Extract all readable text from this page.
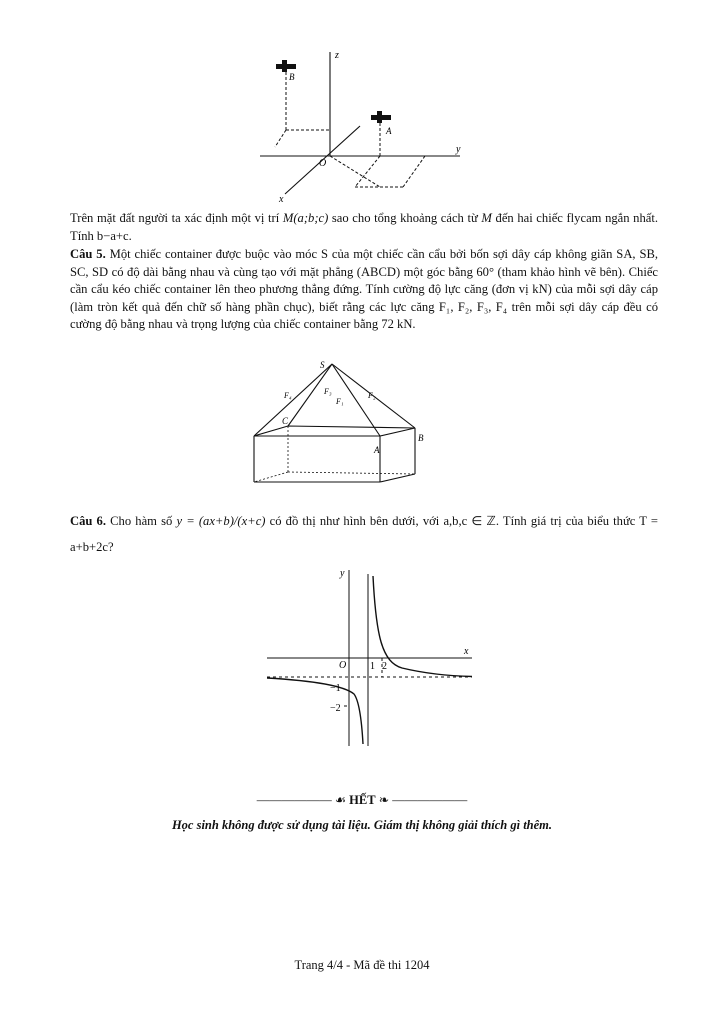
z
y
x
O
A
B
Trên mặt đất người ta xác định một vị trí M(a;b;c) sao cho tổng khoảng cách từ M đến hai chiếc flycam ngắn nhất. Tính b−a+c.
Câu 5. Một chiếc container được buộc vào móc S của một chiếc cần cẩu bởi bốn sợi dây cáp không giãn SA, SB, SC, SD có độ dài bằng nhau và cùng tạo với mặt phẳng (ABCD) một góc bằng 60° (tham khảo hình vẽ bên). Chiếc cần cẩu kéo chiếc container lên theo phương thẳng đứng. Tính cường độ lực căng (đơn vị kN) của mỗi sợi dây cáp (làm tròn kết quả đến chữ số hàng phần chục), biết rằng các lực căng F₁, F₂, F₃, F₄ trên mỗi sợi dây cáp đều có cường độ bằng nhau và trọng lượng của chiếc container bằng 72 kN.
S
C
B
A
F₄	F₃
F₁
F₂
Câu 6. Cho hàm số y = (ax+b)/(x+c) có đồ thị như hình bên dưới, với a,b,c ∈ ℤ. Tính giá trị của biểu thức T = a+b+2c?
y
x
O 1 2
−1
−2
—————— ☙ HẾT ❧ ——————
Học sinh không được sử dụng tài liệu. Giám thị không giải thích gì thêm.
Trang 4/4 - Mã đề thi 1204
